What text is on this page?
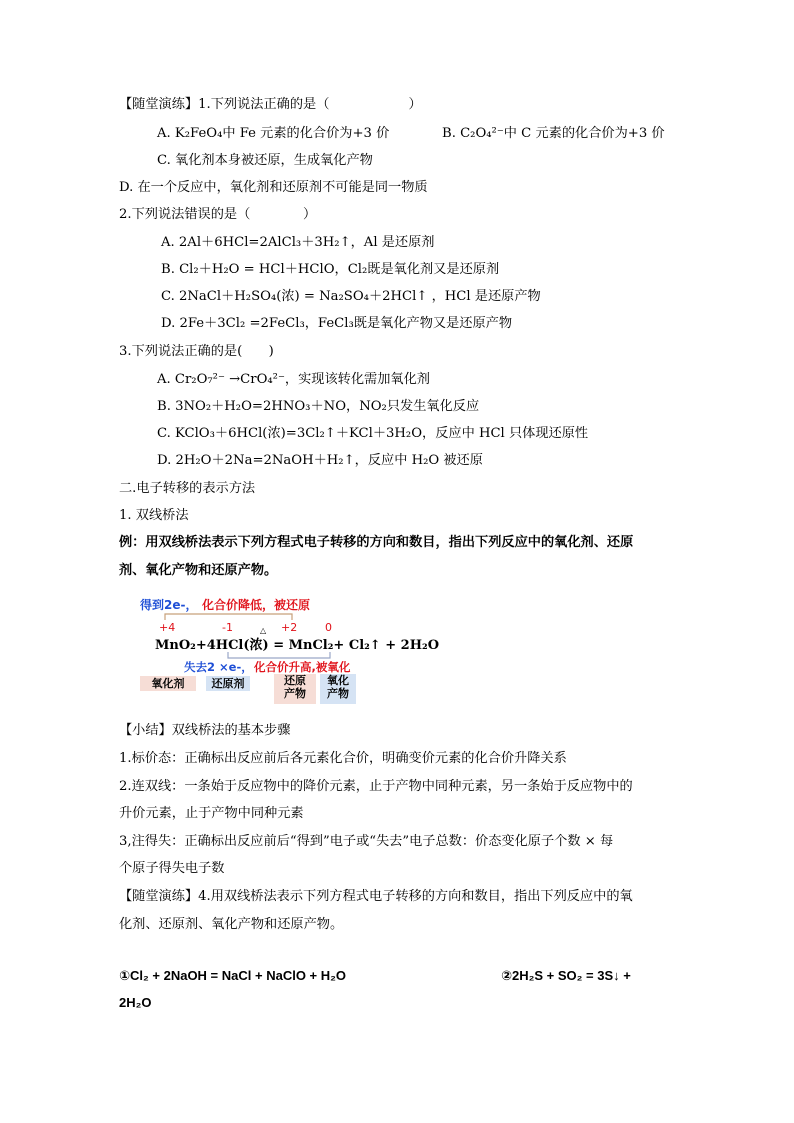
【随堂演练】1.下列说法正确的是（　　　　　　）
A. K₂FeO₄中 Fe 元素的化合价为+3 价	B. C₂O₄²⁻中 C 元素的化合价为+3 价
C. 氧化剂本身被还原，生成氧化产物
D. 在一个反应中，氧化剂和还原剂不可能是同一物质
2.下列说法错误的是（　　　　）
A. 2Al＋6HCl=2AlCl₃＋3H₂↑，Al 是还原剂
B. Cl₂＋H₂O = HCl＋HClO，Cl₂既是氧化剂又是还原剂
C. 2NaCl＋H₂SO₄(浓) = Na₂SO₄＋2HCl↑ ，HCl 是还原产物
D. 2Fe＋3Cl₂ =2FeCl₃，FeCl₃既是氧化产物又是还原产物
3.下列说法正确的是(　　)
A. Cr₂O₇²⁻ →CrO₄²⁻，实现该转化需加氧化剂
B. 3NO₂＋H₂O=2HNO₃＋NO，NO₂只发生氧化反应
C. KClO₃＋6HCl(浓)=3Cl₂↑＋KCl＋3H₂O，反应中 HCl 只体现还原性
D. 2H₂O＋2Na=2NaOH＋H₂↑，反应中 H₂O 被还原
二.电子转移的表示方法
1. 双线桥法
例：用双线桥法表示下列方程式电子转移的方向和数目，指出下列反应中的氧化剂、还原
剂、氧化产物和还原产物。
得到2e-， 化合价降低，被还原
+4	-1	+2	0
△
MnO₂+4HCl(浓) = MnCl₂+ Cl₂↑ + 2H₂O
失去2 ×e-， 化合价升高,被氧化
氧化剂	还原剂	还原
产物
氧化
产物
【小结】双线桥法的基本步骤
1.标价态：正确标出反应前后各元素化合价，明确变价元素的化合价升降关系
2.连双线：一条始于反应物中的降价元素，止于产物中同种元素，另一条始于反应物中的
升价元素，止于产物中同种元素
3,注得失：正确标出反应前后“得到”电子或“失去”电子总数：价态变化原子个数 × 每
个原子得失电子数
【随堂演练】4.用双线桥法表示下列方程式电子转移的方向和数目，指出下列反应中的氧
化剂、还原剂、氧化产物和还原产物。
①Cl₂ + 2NaOH = NaCl + NaClO + H₂O	②2H₂S + SO₂ = 3S↓ +
2H₂O
